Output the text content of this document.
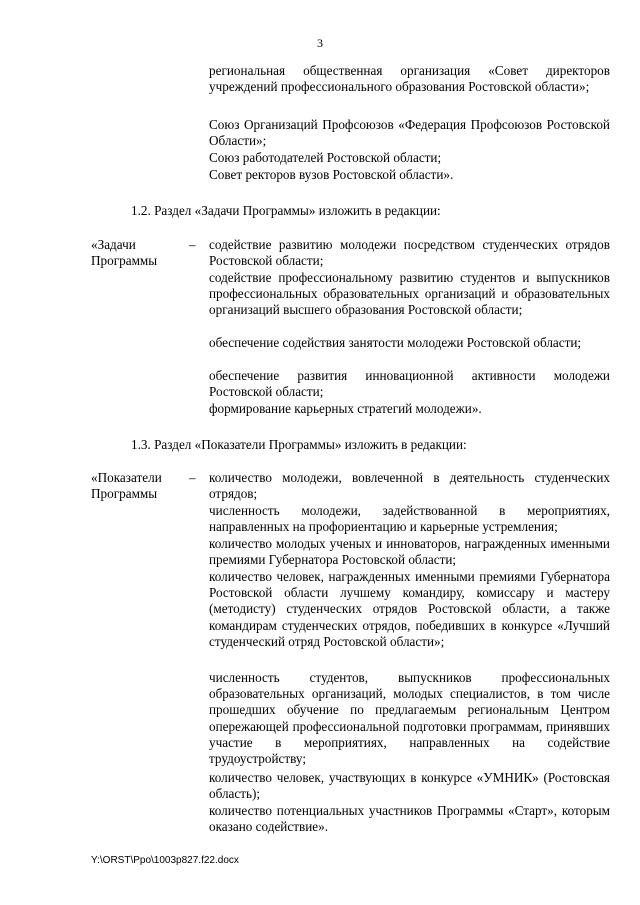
3
региональная общественная организация «Совет директоров учреждений профессионального образования Ростовской области»;
Союз Организаций Профсоюзов «Федерация Профсоюзов Ростовской Области»;
Союз работодателей Ростовской области;
Совет ректоров вузов Ростовской области».
1.2. Раздел «Задачи Программы» изложить в редакции:
«Задачи
Программы
– содействие развитию молодежи посредством студенческих отрядов Ростовской области;
содействие профессиональному развитию студентов и выпускников профессиональных образовательных организаций и образовательных организаций высшего образования Ростовской области;
обеспечение содействия занятости молодежи Ростовской области;
обеспечение развития инновационной активности молодежи Ростовской области;
формирование карьерных стратегий молодежи».
1.3. Раздел «Показатели Программы» изложить в редакции:
«Показатели
Программы
– количество молодежи, вовлеченной в деятельность студенческих отрядов;
численность молодежи, задействованной в мероприятиях, направленных на профориентацию и карьерные устремления;
количество молодых ученых и инноваторов, награжденных именными премиями Губернатора Ростовской области;
количество человек, награжденных именными премиями Губернатора Ростовской области лучшему командиру, комиссару и мастеру (методисту) студенческих отрядов Ростовской области, а также командирам студенческих отрядов, победивших в конкурсе «Лучший студенческий отряд Ростовской области»;
численность студентов, выпускников профессиональных образовательных организаций, молодых специалистов, в том числе прошедших обучение по предлагаемым региональным Центром опережающей профессиональной подготовки программам, принявших участие в мероприятиях, направленных на содействие трудоустройству;
количество человек, участвующих в конкурсе «УМНИК» (Ростовская область);
количество потенциальных участников Программы «Старт», которым оказано содействие».
Y:\ORST\Ppo\1003p827.f22.docx
